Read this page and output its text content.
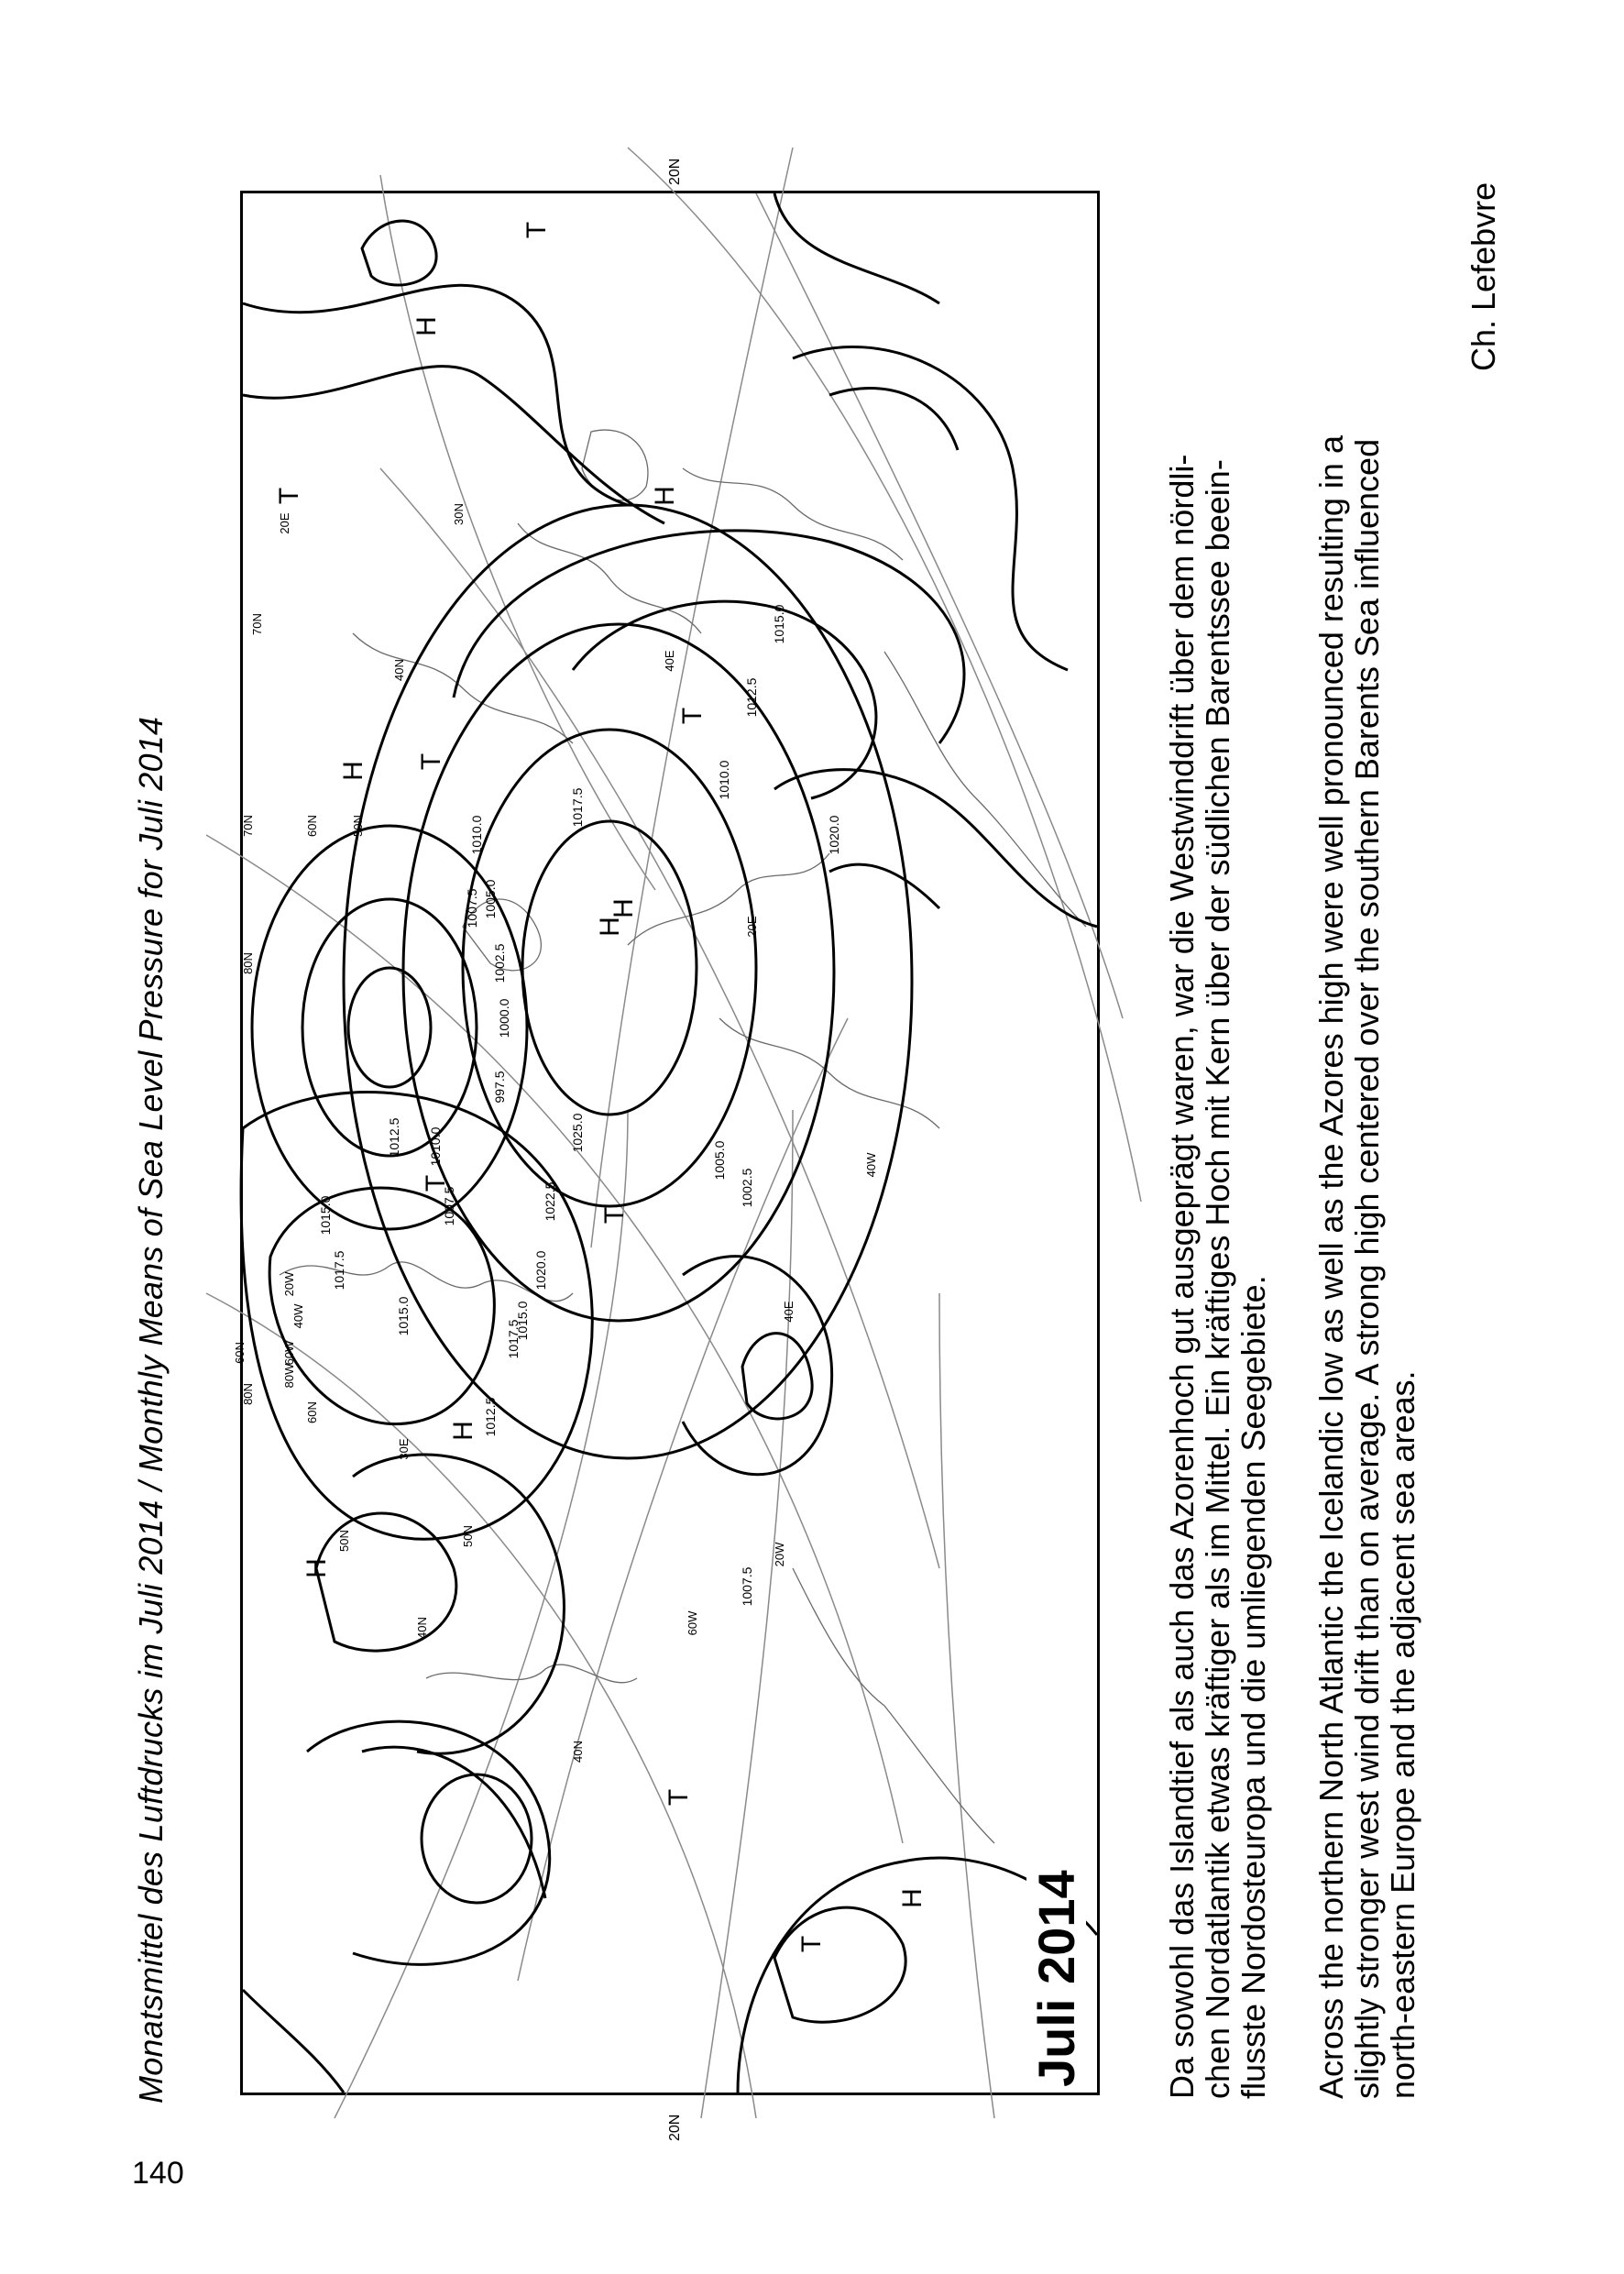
140
Monatsmittel des Luftdrucks im Juli 2014 / Monthly Means of Sea Level Pressure for Juli 2014	H
T
T
H
H
H
H
T
T
H
T
H
T
H
T
T
1025.0
1022.5
1020.0
1017.5
1015.0
1012.5
1010.0
1007.5 1005.0
1002.5
1000.0
997.5
1012.5
1015.0
1017.5
1010.0
1007.5
1005.0
1002.5
1015.0
1012.5
1010.0
1017.5
1020.0
1015.0
1007.5
80N
80N
70N	60N	50N
40N
30N
60N
50N
40N
20W
40W
60W
20W
40W
60W
80W
20E
40E
30E
20E
40E
60N
70N
50N
40N
Juli 2014
20N
20N
Da sowohl das Islandtief als auch das Azorenhoch gut ausgeprägt waren, war die Westwinddrift über dem nördli-
chen Nordatlantik etwas kräftiger als im Mittel. Ein kräftiges Hoch mit Kern über der südlichen Barentssee beein-
flusste Nordosteuropa und die umliegenden Seegebiete. Across the northern North Atlantic the Icelandic low as well as the Azores high were well pronounced resulting in a
slightly stronger west wind drift than on average. A strong high centered over the southern Barents Sea influenced
north-eastern Europe and the adjacent sea areas.
Ch. Lefebvre
